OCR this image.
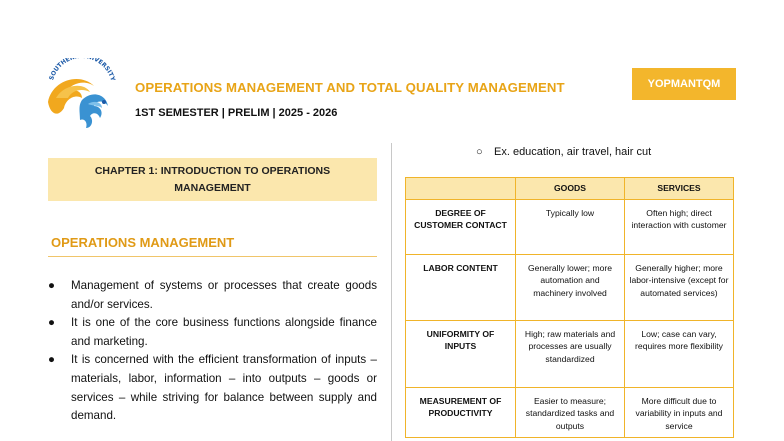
SOUTHER IVERSITY
OPERATIONS MANAGEMENT AND TOTAL QUALITY MANAGEMENT
1ST SEMESTER | PRELIM | 2025 - 2026
YOPMANTQM
CHAPTER 1: INTRODUCTION TO OPERATIONS MANAGEMENT
OPERATIONS MANAGEMENT
● Management of systems or processes that create goods and/or services.
● It is one of the core business functions alongside finance and marketing.
● It is concerned with the efficient transformation of inputs – materials, labor, information – into outputs – goods or services – while striving for balance between supply and demand.
○ Ex. education, air travel, hair cut
	GOODS	SERVICES
DEGREE OF CUSTOMER CONTACT	Typically low	Often high; direct interaction with customer
LABOR CONTENT	Generally lower; more automation and machinery involved	Generally higher; more labor-intensive (except for automated services)
UNIFORMITY OF INPUTS	High; raw materials and processes are usually standardized	Low; case can vary, requires more flexibility
MEASUREMENT OF PRODUCTIVITY	Easier to measure; standardized tasks and outputs	More difficult due to variability in inputs and service
